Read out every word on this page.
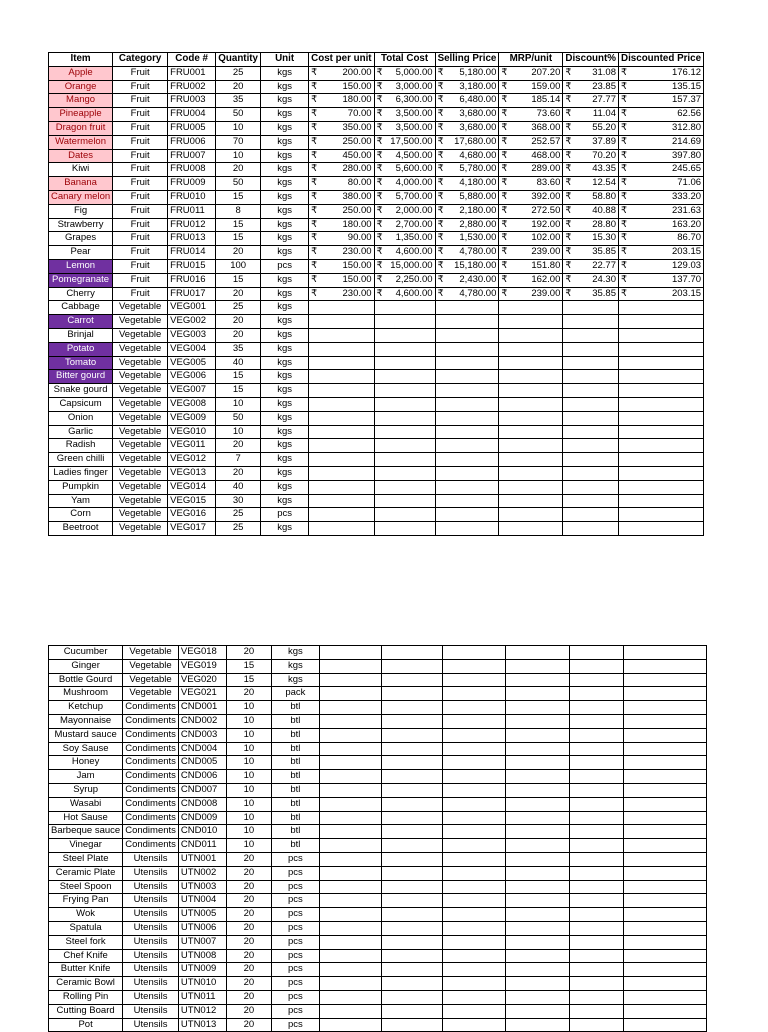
Item	Category	Code #	Quantity	Unit	Cost per unit	Total Cost	Selling Price	MRP/unit	Discount%	Discounted Price
Apple	Fruit	FRU001	25	kgs	₹ 200.00	₹ 5,000.00	₹ 5,180.00	₹ 207.20	₹ 31.08	₹ 176.12

Orange	Fruit	FRU002	20	kgs	₹ 150.00	₹ 3,000.00	₹ 3,180.00	₹ 159.00	₹ 23.85	₹ 135.15

Mango	Fruit	FRU003	35	kgs	₹ 180.00	₹ 6,300.00	₹ 6,480.00	₹ 185.14	₹ 27.77	₹ 157.37

Pineapple	Fruit	FRU004	50	kgs	₹ 70.00	₹ 3,500.00	₹ 3,680.00	₹ 73.60	₹ 11.04	₹ 62.56

Dragon fruit	Fruit	FRU005	10	kgs	₹ 350.00	₹ 3,500.00	₹ 3,680.00	₹ 368.00	₹ 55.20	₹ 312.80

Watermelon	Fruit	FRU006	70	kgs	₹ 250.00	₹ 17,500.00	₹ 17,680.00	₹ 252.57	₹ 37.89	₹ 214.69

Dates	Fruit	FRU007	10	kgs	₹ 450.00	₹ 4,500.00	₹ 4,680.00	₹ 468.00	₹ 70.20	₹ 397.80

Kiwi	Fruit	FRU008	20	kgs	₹ 280.00	₹ 5,600.00	₹ 5,780.00	₹ 289.00	₹ 43.35	₹ 245.65

Banana	Fruit	FRU009	50	kgs	₹ 80.00	₹ 4,000.00	₹ 4,180.00	₹ 83.60	₹ 12.54	₹ 71.06

Canary melon	Fruit	FRU010	15	kgs	₹ 380.00	₹ 5,700.00	₹ 5,880.00	₹ 392.00	₹ 58.80	₹ 333.20

Fig	Fruit	FRU011	8	kgs	₹ 250.00	₹ 2,000.00	₹ 2,180.00	₹ 272.50	₹ 40.88	₹ 231.63

Strawberry	Fruit	FRU012	15	kgs	₹ 180.00	₹ 2,700.00	₹ 2,880.00	₹ 192.00	₹ 28.80	₹ 163.20

Grapes	Fruit	FRU013	15	kgs	₹ 90.00	₹ 1,350.00	₹ 1,530.00	₹ 102.00	₹ 15.30	₹ 86.70

Pear	Fruit	FRU014	20	kgs	₹ 230.00	₹ 4,600.00	₹ 4,780.00	₹ 239.00	₹ 35.85	₹ 203.15

Lemon	Fruit	FRU015	100	pcs	₹ 150.00	₹ 15,000.00	₹ 15,180.00	₹ 151.80	₹ 22.77	₹ 129.03

Pomegranate	Fruit	FRU016	15	kgs	₹ 150.00	₹ 2,250.00	₹ 2,430.00	₹ 162.00	₹ 24.30	₹ 137.70

Cherry	Fruit	FRU017	20	kgs	₹ 230.00	₹ 4,600.00	₹ 4,780.00	₹ 239.00	₹ 35.85	₹ 203.15

Cabbage	Vegetable	VEG001	25	kgs						
Carrot	Vegetable	VEG002	20	kgs						
Brinjal	Vegetable	VEG003	20	kgs						
Potato	Vegetable	VEG004	35	kgs						
Tomato	Vegetable	VEG005	40	kgs						
Bitter gourd	Vegetable	VEG006	15	kgs						
Snake gourd	Vegetable	VEG007	15	kgs						
Capsicum	Vegetable	VEG008	10	kgs						
Onion	Vegetable	VEG009	50	kgs						
Garlic	Vegetable	VEG010	10	kgs						
Radish	Vegetable	VEG011	20	kgs						
Green chilli	Vegetable	VEG012	7	kgs						
Ladies finger	Vegetable	VEG013	20	kgs						
Pumpkin	Vegetable	VEG014	40	kgs						
Yam	Vegetable	VEG015	30	kgs						
Corn	Vegetable	VEG016	25	pcs						
Beetroot	Vegetable	VEG017	25	kgs						
Cucumber	Vegetable	VEG018	20	kgs						
Ginger	Vegetable	VEG019	15	kgs						
Bottle Gourd	Vegetable	VEG020	15	kgs						
Mushroom	Vegetable	VEG021	20	pack						
Ketchup	Condiments	CND001	10	btl						
Mayonnaise	Condiments	CND002	10	btl						
Mustard sauce	Condiments	CND003	10	btl						
Soy Sause	Condiments	CND004	10	btl						
Honey	Condiments	CND005	10	btl						
Jam	Condiments	CND006	10	btl						
Syrup	Condiments	CND007	10	btl						
Wasabi	Condiments	CND008	10	btl						
Hot Sause	Condiments	CND009	10	btl						
Barbeque sauce	Condiments	CND010	10	btl						
Vinegar	Condiments	CND011	10	btl						
Steel Plate	Utensils	UTN001	20	pcs						
Ceramic Plate	Utensils	UTN002	20	pcs						
Steel Spoon	Utensils	UTN003	20	pcs						
Frying Pan	Utensils	UTN004	20	pcs						
Wok	Utensils	UTN005	20	pcs						
Spatula	Utensils	UTN006	20	pcs						
Steel fork	Utensils	UTN007	20	pcs						
Chef Knife	Utensils	UTN008	20	pcs						
Butter Knife	Utensils	UTN009	20	pcs						
Ceramic Bowl	Utensils	UTN010	20	pcs						
Rolling Pin	Utensils	UTN011	20	pcs						
Cutting Board	Utensils	UTN012	20	pcs						
Pot	Utensils	UTN013	20	pcs						
